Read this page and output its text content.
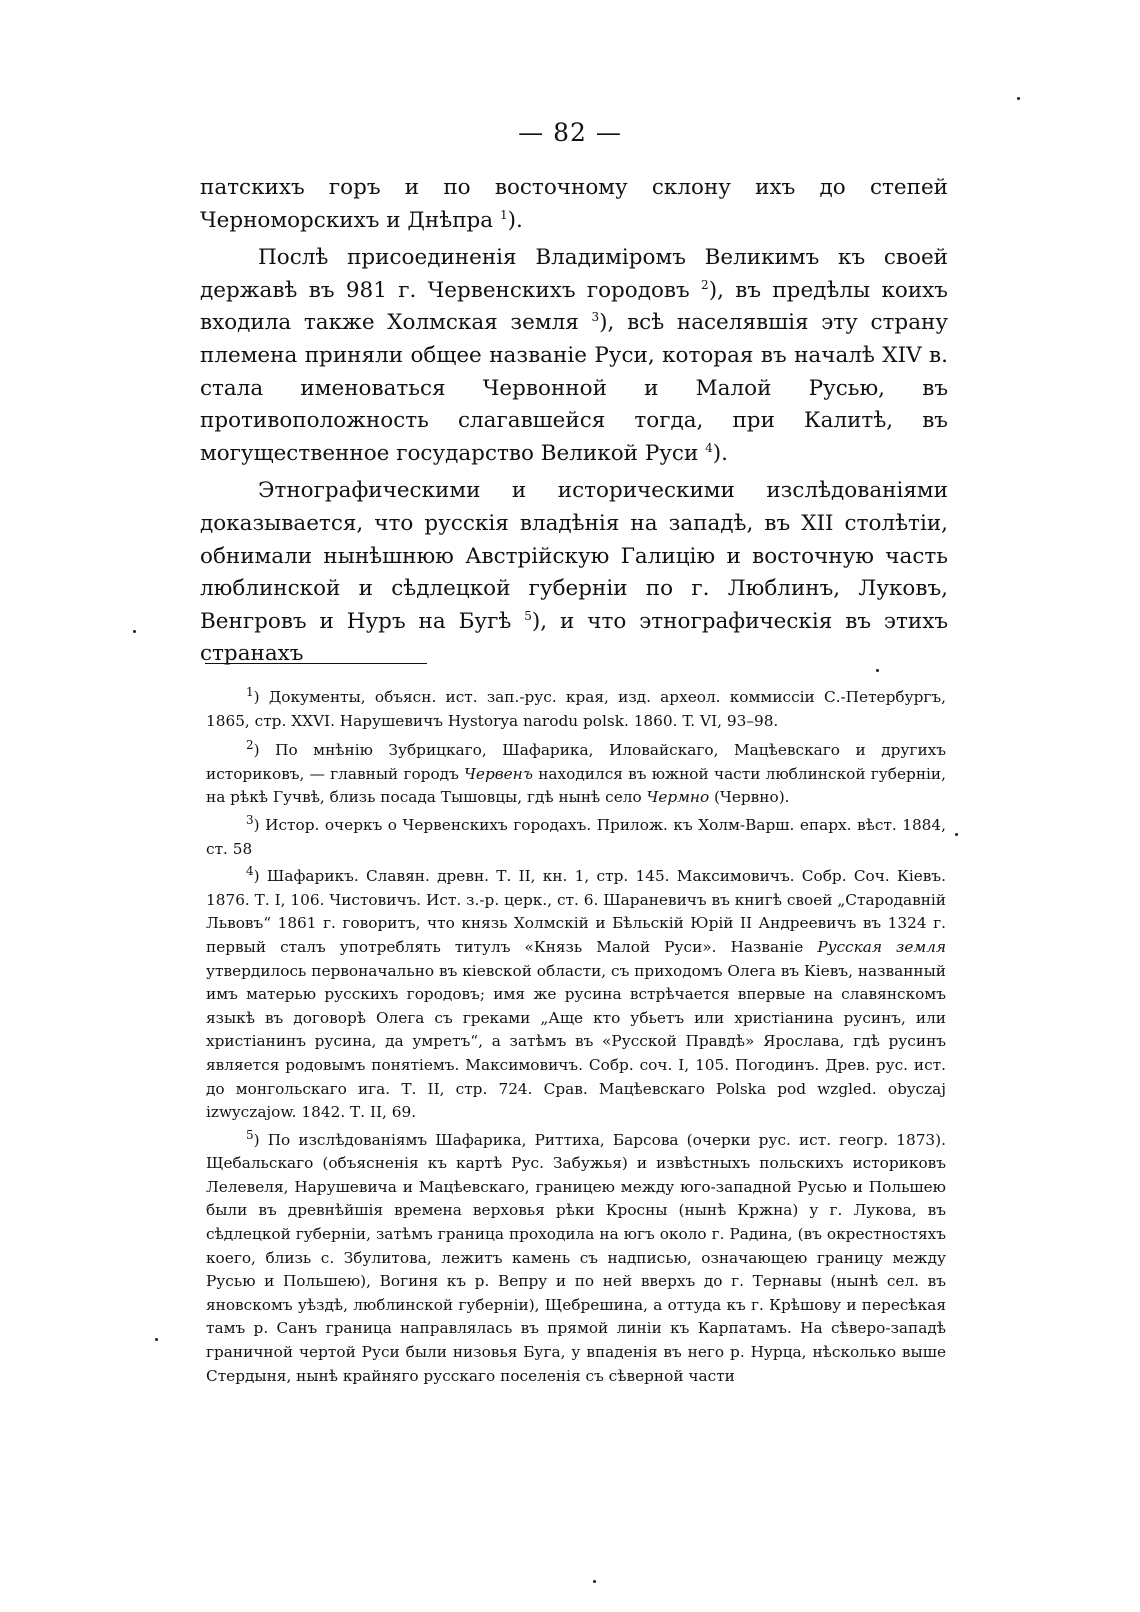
— 82 —

патскихъ горъ и по восточному склону ихъ до степей Черноморскихъ и Днѣпра $^1$).

Послѣ присоединенія Владиміромъ Великимъ къ своей державѣ въ 981 г. Червенскихъ городовъ $^2$), въ предѣлы коихъ входила также Холмская земля $^3$), всѣ населявшія эту страну племена приняли общее названіе Руси, которая въ началѣ XIV в. стала именоваться Червонной и Малой Русью, въ противоположность слагавшейся тогда, при Калитѣ, въ могущественное государство Великой Руси $^4$).

Этнографическими и историческими изслѣдованіями доказывается, что русскія владѣнія на западѣ, въ XII столѣтіи, обнимали нынѣшнюю Австрійскую Галицію и восточную часть люблинской и сѣдлецкой губерніи по г. Люблинъ, Луковъ, Венгровъ и Нуръ на Бугѣ $^5$), и что этнографическія въ этихъ странахъ

$^1$) Документы, объясн. ист. зап.-рус. края, изд. археол. коммиссіи С.-Петербургъ, 1865, стр. XXVI. Нарушевичъ Hystorya narodu polsk. 1860. T. VI, 93–98.

$^2$) По мнѣнію Зубрицкаго, Шафарика, Иловайскаго, Мацѣевскаго и другихъ историковъ, — главный городъ Червенъ находился въ южной части люблинской губерніи, на рѣкѣ Гучвѣ, близь посада Тышовцы, гдѣ нынѣ село Чермно (Червно).

$^3$) Истор. очеркъ о Червенскихъ городахъ. Прилож. къ Холм-Варш. епарх. вѣст. 1884, ст. 58

$^4$) Шафарикъ. Славян. древн. Т. II, кн. 1, стр. 145. Максимовичъ. Собр. Соч. Кіевъ. 1876. Т. I, 106. Чистовичъ. Ист. з.-р. церк., ст. 6. Шараневичъ въ книгѣ своей „Стародавній Львовъ“ 1861 г. говоритъ, что князь Холмскій и Бѣльскій Юрій II Андреевичъ въ 1324 г. первый сталъ употреблять титулъ «Князь Малой Руси». Названіе Русская земля утвердилось первоначально въ кіевской области, съ приходомъ Олега въ Кіевъ, названный имъ матерью русскихъ городовъ; имя же русина встрѣчается впервые на славянскомъ языкѣ въ договорѣ Олега съ греками „Аще кто убьетъ или христіанина русинъ, или христіанинъ русина, да умретъ“, а затѣмъ въ «Русской Правдѣ» Ярослава, гдѣ русинъ является родовымъ понятіемъ. Максимовичъ. Собр. соч. I, 105. Погодинъ. Древ. рус. ист. до монгольскаго ига. Т. II, стр. 724. Срав. Мацѣевскаго Polska pod wzgled. obyczaj izwyczajow. 1842. Т. II, 69.

$^5$) По изслѣдованіямъ Шафарика, Риттиха, Барсова (очерки рус. ист. геогр. 1873). Щебальскаго (объясненія къ картѣ Рус. Забужья) и извѣстныхъ польскихъ историковъ Лелевеля, Нарушевича и Мацѣевскаго, границею между юго-западной Русью и Польшею были въ древнѣйшія времена верховья рѣки Кросны (нынѣ Кржна) у г. Лукова, въ сѣдлецкой губерніи, затѣмъ граница проходила на югъ около г. Радина, (въ окрестностяхъ коего, близь с. Збулитова, лежитъ камень съ надписью, означающею границу между Русью и Польшею), Вогиня къ р. Вепру и по ней вверхъ до г. Тернавы (нынѣ сел. въ яновскомъ уѣздѣ, люблинской губерніи), Щебрешина, а оттуда къ г. Крѣшову и пересѣкая тамъ р. Санъ граница направлялась въ прямой линіи къ Карпатамъ. На сѣверо-западѣ граничной чертой Руси были низовья Буга, у впаденія въ него р. Нурца, нѣсколько выше Стердыня, нынѣ крайняго русскаго поселенія съ сѣверной части
